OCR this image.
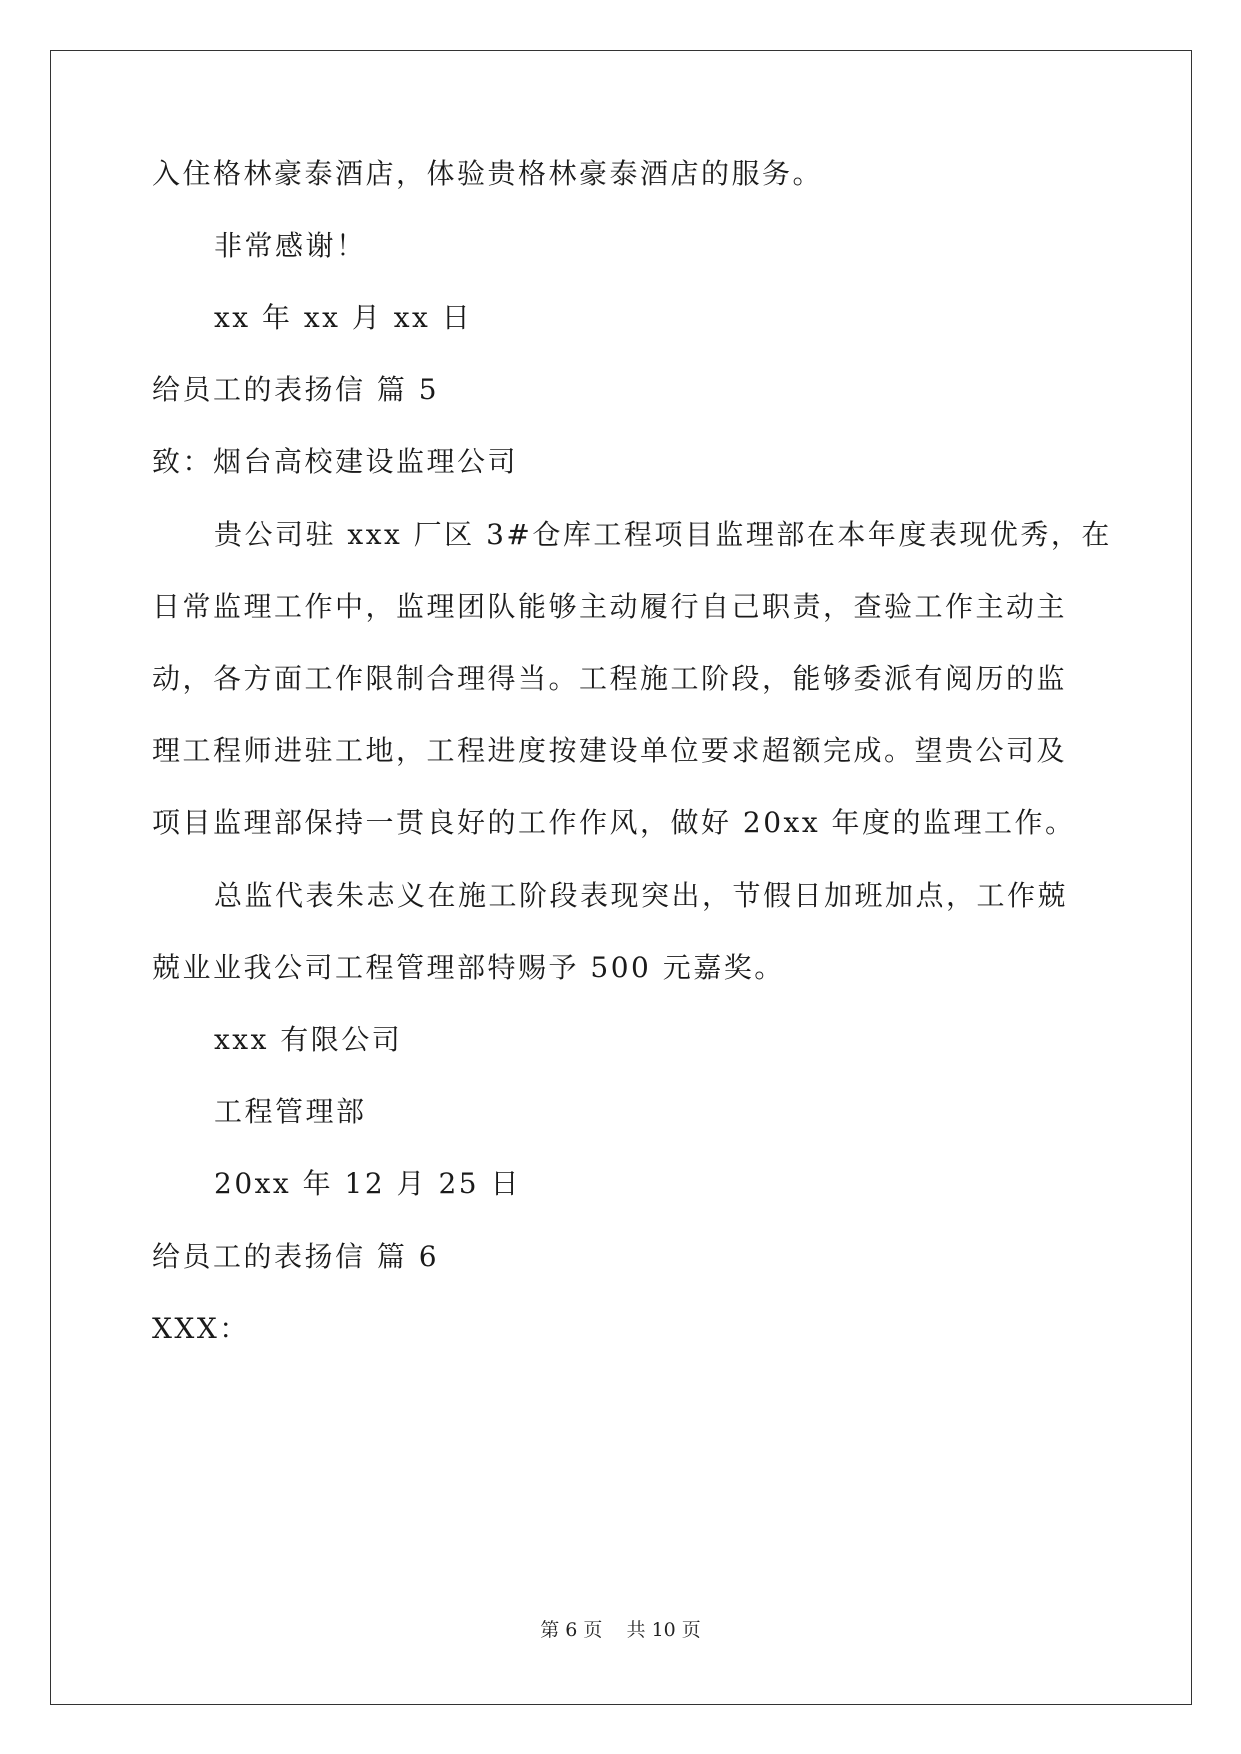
入住格林豪泰酒店，体验贵格林豪泰酒店的服务。
非常感谢！
xx 年 xx 月 xx 日
给员工的表扬信 篇 5
致：烟台高校建设监理公司
贵公司驻 xxx 厂区 3#仓库工程项目监理部在本年度表现优秀，在
日常监理工作中，监理团队能够主动履行自己职责，查验工作主动主
动，各方面工作限制合理得当。工程施工阶段，能够委派有阅历的监
理工程师进驻工地，工程进度按建设单位要求超额完成。望贵公司及
项目监理部保持一贯良好的工作作风，做好 20xx 年度的监理工作。
总监代表朱志义在施工阶段表现突出，节假日加班加点，工作兢
兢业业我公司工程管理部特赐予 500 元嘉奖。
xxx 有限公司
工程管理部
20xx 年 12 月 25 日
给员工的表扬信 篇 6
XXX：
第 6 页    共 10 页
